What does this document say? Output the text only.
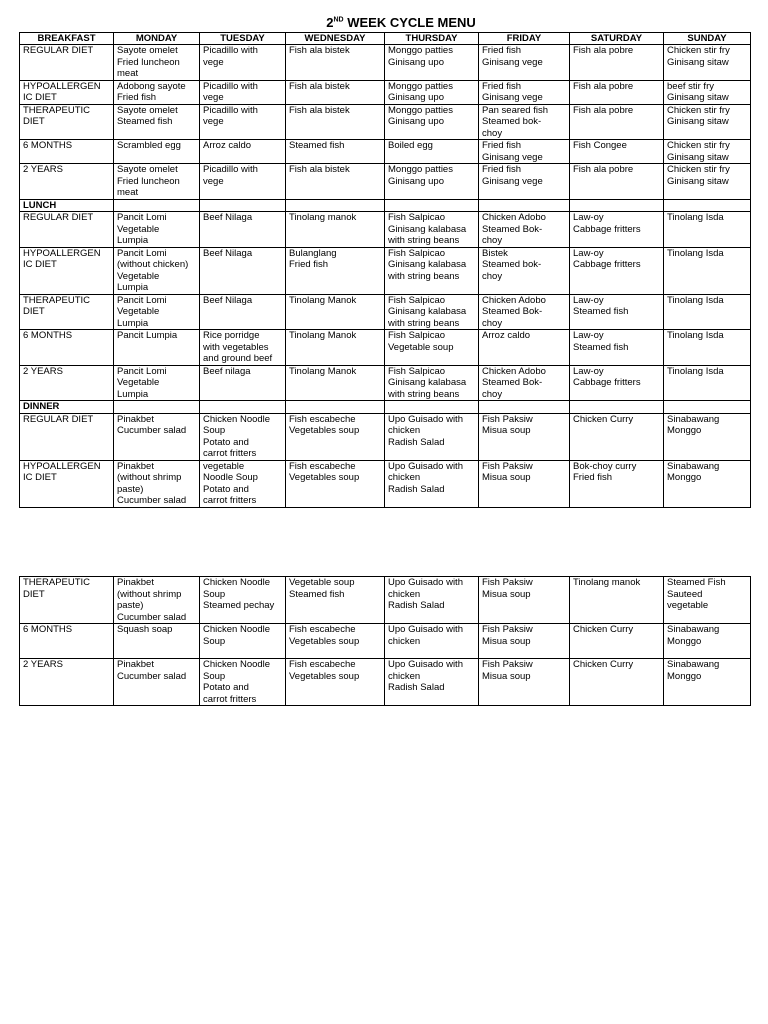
2ND WEEK CYCLE MENU
BREAKFAST	MONDAY	TUESDAY	WEDNESDAY	THURSDAY	FRIDAY	SATURDAY	SUNDAY

REGULAR DIET	Sayote omelet
Fried luncheon
meat	Picadillo with
vege	Fish ala bistek	Monggo patties
Ginisang upo	Fried fish
Ginisang vege	Fish ala pobre	Chicken stir fry
Ginisang sitaw

HYPOALLERGEN
IC DIET	Adobong sayote
Fried fish	Picadillo with
vege	Fish ala bistek	Monggo patties
Ginisang upo	Fried fish
Ginisang vege	Fish ala pobre	beef stir fry
Ginisang sitaw

THERAPEUTIC
DIET	Sayote omelet
Steamed fish	Picadillo with
vege	Fish ala bistek	Monggo patties
Ginisang upo	Pan seared fish
Steamed bok-
choy	Fish ala pobre	Chicken stir fry
Ginisang sitaw

6 MONTHS	Scrambled egg	Arroz caldo	Steamed fish	Boiled egg	Fried fish
Ginisang vege	Fish Congee	Chicken stir fry
Ginisang sitaw

2 YEARS	Sayote omelet
Fried luncheon
meat	Picadillo with
vege	Fish ala bistek	Monggo patties
Ginisang upo	Fried fish
Ginisang vege	Fish ala pobre	Chicken stir fry
Ginisang sitaw

LUNCH							

REGULAR DIET	Pancit Lomi
Vegetable
Lumpia	Beef Nilaga	Tinolang manok	Fish Salpicao
Ginisang kalabasa
with string beans	Chicken Adobo
Steamed Bok-
choy	Law-oy
Cabbage fritters	Tinolang Isda

HYPOALLERGEN
IC DIET	Pancit Lomi
(without chicken)
Vegetable
Lumpia	Beef Nilaga	Bulanglang
Fried fish	Fish Salpicao
Ginisang kalabasa
with string beans	Bistek
Steamed bok-
choy	Law-oy
Cabbage fritters	Tinolang Isda

THERAPEUTIC
DIET	Pancit Lomi
Vegetable
Lumpia	Beef Nilaga	Tinolang Manok	Fish Salpicao
Ginisang kalabasa
with string beans	Chicken Adobo
Steamed Bok-
choy	Law-oy
Steamed fish	Tinolang Isda

6 MONTHS	Pancit Lumpia	Rice porridge
with vegetables
and ground beef	Tinolang Manok	Fish Salpicao
Vegetable soup	Arroz caldo	Law-oy
Steamed fish	Tinolang Isda

2 YEARS	Pancit Lomi
Vegetable
Lumpia	Beef nilaga	Tinolang Manok	Fish Salpicao
Ginisang kalabasa
with string beans	Chicken Adobo
Steamed Bok-
choy	Law-oy
Cabbage fritters	Tinolang Isda

DINNER							

REGULAR DIET	Pinakbet
Cucumber salad	Chicken Noodle
Soup
Potato and
carrot fritters	Fish escabeche
Vegetables soup	Upo Guisado with
chicken
Radish Salad	Fish Paksiw
Misua soup	Chicken Curry	Sinabawang
Monggo

HYPOALLERGEN
IC DIET	Pinakbet
(without shrimp
paste)
Cucumber salad	vegetable
Noodle Soup
Potato and
carrot fritters	Fish escabeche
Vegetables soup	Upo Guisado with
chicken
Radish Salad	Fish Paksiw
Misua soup	Bok-choy curry
Fried fish	Sinabawang
Monggo
THERAPEUTIC
DIET	Pinakbet
(without shrimp
paste)
Cucumber salad	Chicken Noodle
Soup
Steamed pechay	Vegetable soup
Steamed fish	Upo Guisado with
chicken
Radish Salad	Fish Paksiw
Misua soup	Tinolang manok	Steamed Fish
Sauteed
vegetable

6 MONTHS	Squash soap	Chicken Noodle
Soup	Fish escabeche
Vegetables soup	Upo Guisado with
chicken	Fish Paksiw
Misua soup	Chicken Curry	Sinabawang
Monggo

2 YEARS	Pinakbet
Cucumber salad	Chicken Noodle
Soup
Potato and
carrot fritters	Fish escabeche
Vegetables soup	Upo Guisado with
chicken
Radish Salad	Fish Paksiw
Misua soup	Chicken Curry	Sinabawang
Monggo
